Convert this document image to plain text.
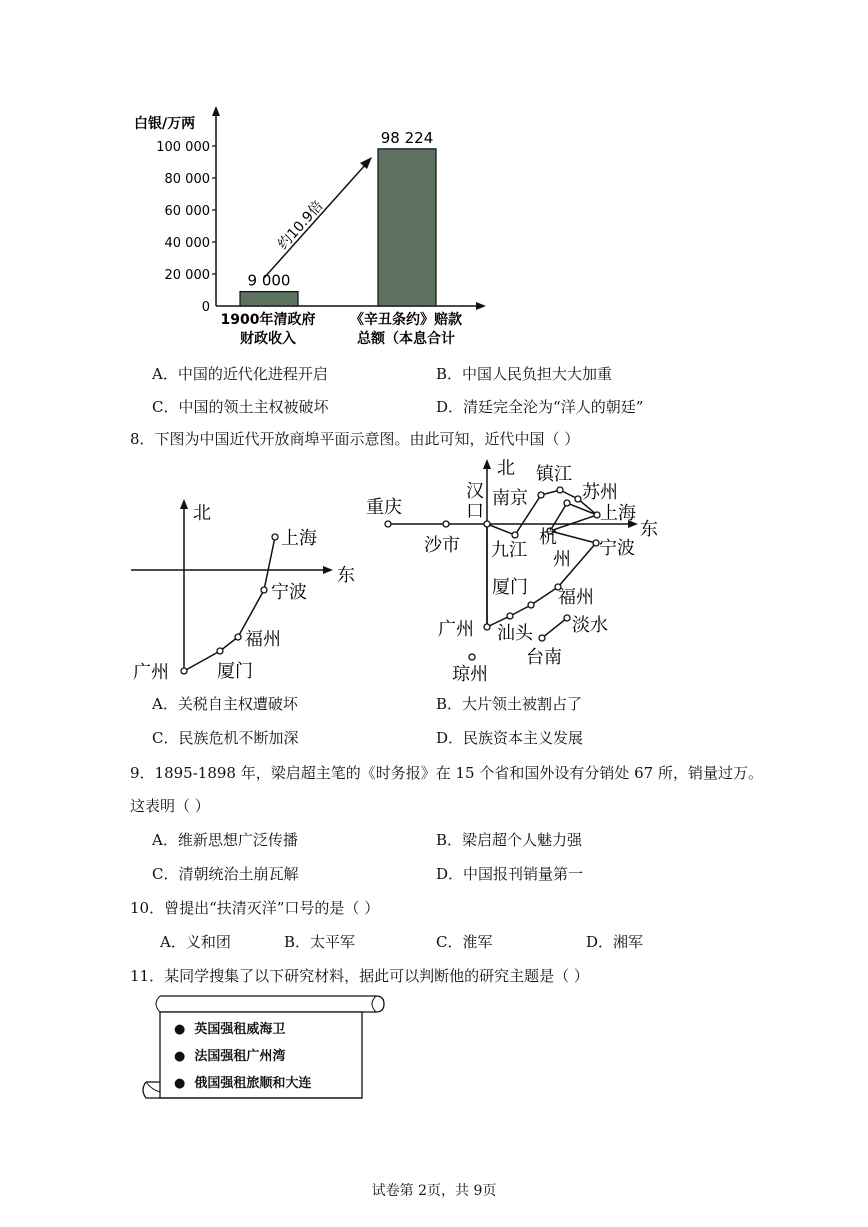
白银/万两
100 000
80 000
60 000
40 000
20 000
0
9 000
98 224
约10.9倍
1900年清政府
财政收入
《辛丑条约》赔款
总额（本息合计
A．中国的近代化进程开启	B．中国人民负担大大加重
C．中国的领土主权被破坏	D．清廷完全沦为“洋人的朝廷”
8．下图为中国近代开放商埠平面示意图。由此可知，近代中国（ ）
北
东
上海
宁波
福州
厦门
广州
北
东
重庆
沙市
汉
口
南京
镇江
苏州
上海
九江
杭
州
宁波
厦门 福州
广州 汕头 淡水
台南
琼州
A．关税自主权遭破坏	B．大片领土被割占了
C．民族危机不断加深	D．民族资本主义发展
9．1895-1898 年，梁启超主笔的《时务报》在 15 个省和国外设有分销处 67 所，销量过万。
这表明（ ）
A．维新思想广泛传播	B．梁启超个人魅力强
C．清朝统治土崩瓦解	D．中国报刊销量第一
10．曾提出“扶清灭洋”口号的是（ ）
A．义和团	B．太平军	C．淮军	D．湘军
11．某同学搜集了以下研究材料，据此可以判断他的研究主题是（ ）
●  英国强租威海卫
●  法国强租广州湾
●  俄国强租旅顺和大连
试卷第 2页，共 9页
